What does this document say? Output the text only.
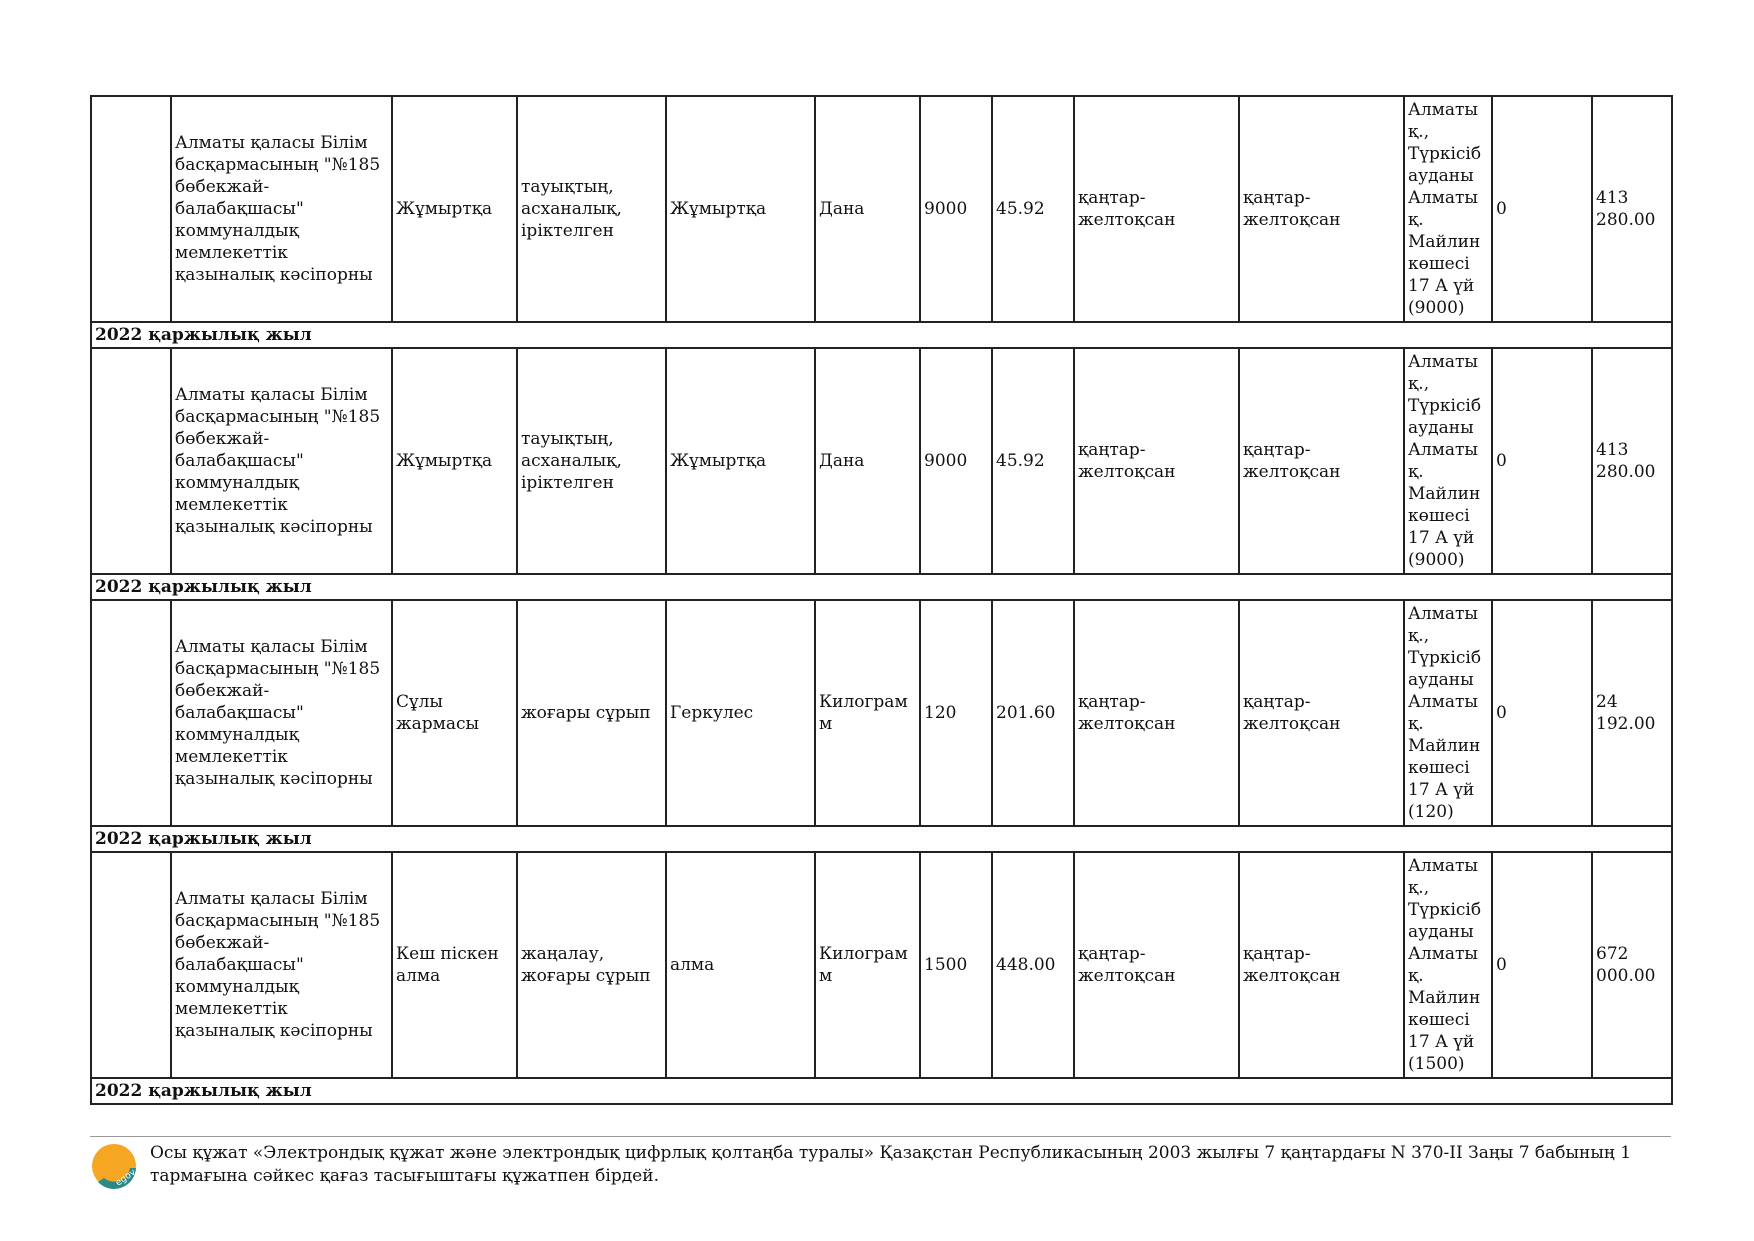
	Алматы қаласы Білім басқармасының "№185 бөбекжай-балабақшасы" коммуналдық мемлекеттік қазыналық кәсіпорны	Жұмыртқа	тауықтың, асханалық, іріктелген	Жұмыртқа	Дана	9000	45.92	қаңтар-желтоқсан	қаңтар-желтоқсан	Алматы қ., Түркісіб ауданы Алматы қ. Майлин көшесі 17 А үй (9000)	0	413 280.00
2022 қаржылық жыл												
	Алматы қаласы Білім басқармасының "№185 бөбекжай-балабақшасы" коммуналдық мемлекеттік қазыналық кәсіпорны	Жұмыртқа	тауықтың, асханалық, іріктелген	Жұмыртқа	Дана	9000	45.92	қаңтар-желтоқсан	қаңтар-желтоқсан	Алматы қ., Түркісіб ауданы Алматы қ. Майлин көшесі 17 А үй (9000)	0	413 280.00
2022 қаржылық жыл												
	Алматы қаласы Білім басқармасының "№185 бөбекжай-балабақшасы" коммуналдық мемлекеттік қазыналық кәсіпорны	Сұлы жармасы	жоғары сұрып	Геркулес	Килограмм	120	201.60	қаңтар-желтоқсан	қаңтар-желтоқсан	Алматы қ., Түркісіб ауданы Алматы қ. Майлин көшесі 17 А үй (120)	0	24 192.00
2022 қаржылық жыл												
	Алматы қаласы Білім басқармасының "№185 бөбекжай-балабақшасы" коммуналдық мемлекеттік қазыналық кәсіпорны	Кеш піскен алма	жаңалау, жоғары сұрып	алма	Килограмм	1500	448.00	қаңтар-желтоқсан	қаңтар-желтоқсан	Алматы қ., Түркісіб ауданы Алматы қ. Майлин көшесі 17 А үй (1500)	0	672 000.00
2022 қаржылық жыл												
egov
Осы құжат «Электрондық құжат және электрондық цифрлық қолтаңба туралы» Қазақстан Республикасының 2003 жылғы 7 қаңтардағы N 370-II Заңы 7 бабының 1 тармағына сәйкес қағаз тасығыштағы құжатпен бірдей.
